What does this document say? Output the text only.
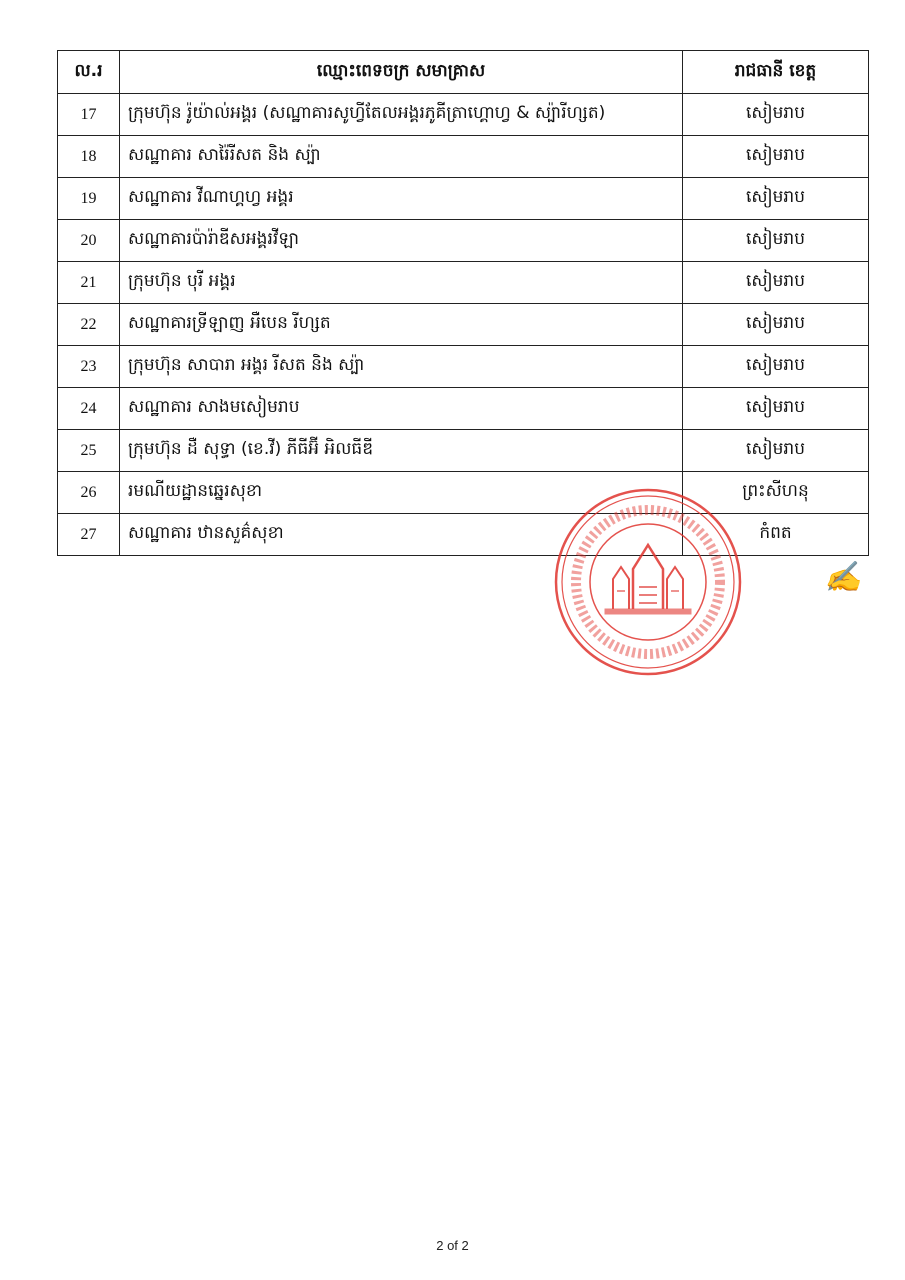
ល.រ	ឈ្មោះពេទចក្រ សមាគ្រាស	រាជធានី ខេត្ត
17	ក្រុមហ៊ុន រ៉ូយ៉ាល់អង្គរ (សណ្ឋាគារសូហ្វីតែលអង្គរភូគីត្រាហ្គោហ្វ & ស្ប៉ារីហ្សត)	សៀមរាប
18	សណ្ឋាគារ សារ៉ៃរីសត និង ស្ប៉ា	សៀមរាប
19	សណ្ឋាគារ វីណាហ្គហ្វ អង្គរ	សៀមរាប
20	សណ្ឋាគារប៉ារ៉ាឌីសអង្គរវីឡា	សៀមរាប
21	ក្រុមហ៊ុន បុរី អង្គរ	សៀមរាប
22	សណ្ឋាគារទ្រីឡាញ អឺបេន រីហ្សត	សៀមរាប
23	ក្រុមហ៊ុន សាបារា អង្គរ រីសត និង ស្ប៉ា	សៀមរាប
24	សណ្ឋាគារ សាងមសៀមរាប	សៀមរាប
25	ក្រុមហ៊ុន ដឺ សុទ្ធា (ខេ.វី) ភីធីអ៊ី អិលធីឌី	សៀមរាប
26	រមណីយដ្ឋានឆ្នេរសុខា	ព្រះសីហនុ
27	សណ្ឋាគារ ឋានសួគ៌សុខា	កំពត
✍
2 of 2
